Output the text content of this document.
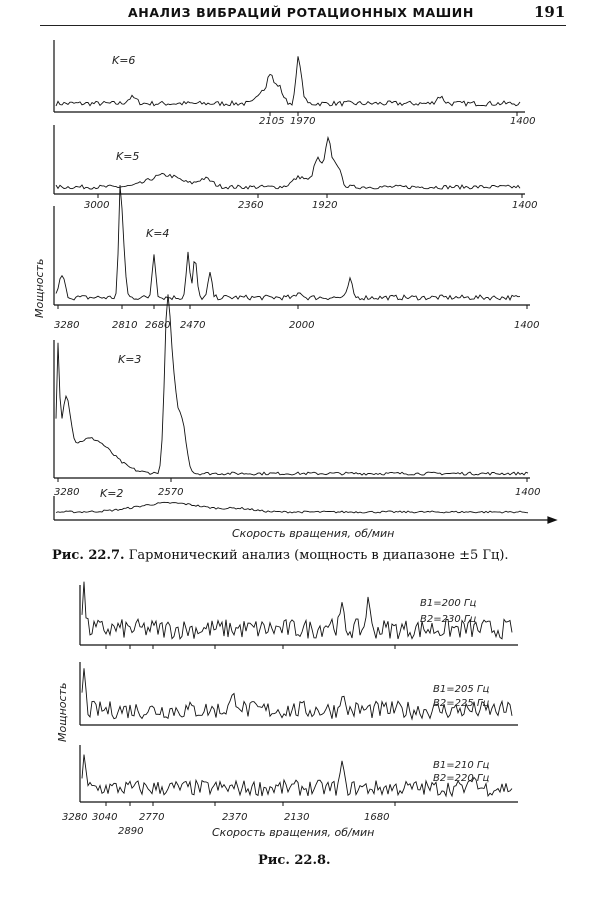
АНАЛИЗ ВИБРАЦИЙ РОТАЦИОННЫХ МАШИН	191
K=6
2105 1970	1400
K=5
3000	2360	1920	1400
K=4
3280	2810 2680 2470	2000	1400
K=3
3280	2570	1400
K=2
Скорость вращения, об/мин
Мощность
B1=200 Гц
B2=230 Гц
B1=205 Гц
B2=225 Гц
B1=210 Гц
B2=220 Гц
3280 3040
2890
2770	2370	2130	1680
Скорость вращения, об/мин
Мощность
Рис. 22.7. Гармонический анализ (мощность в диапазоне ±5 Гц).
Рис. 22.8.
